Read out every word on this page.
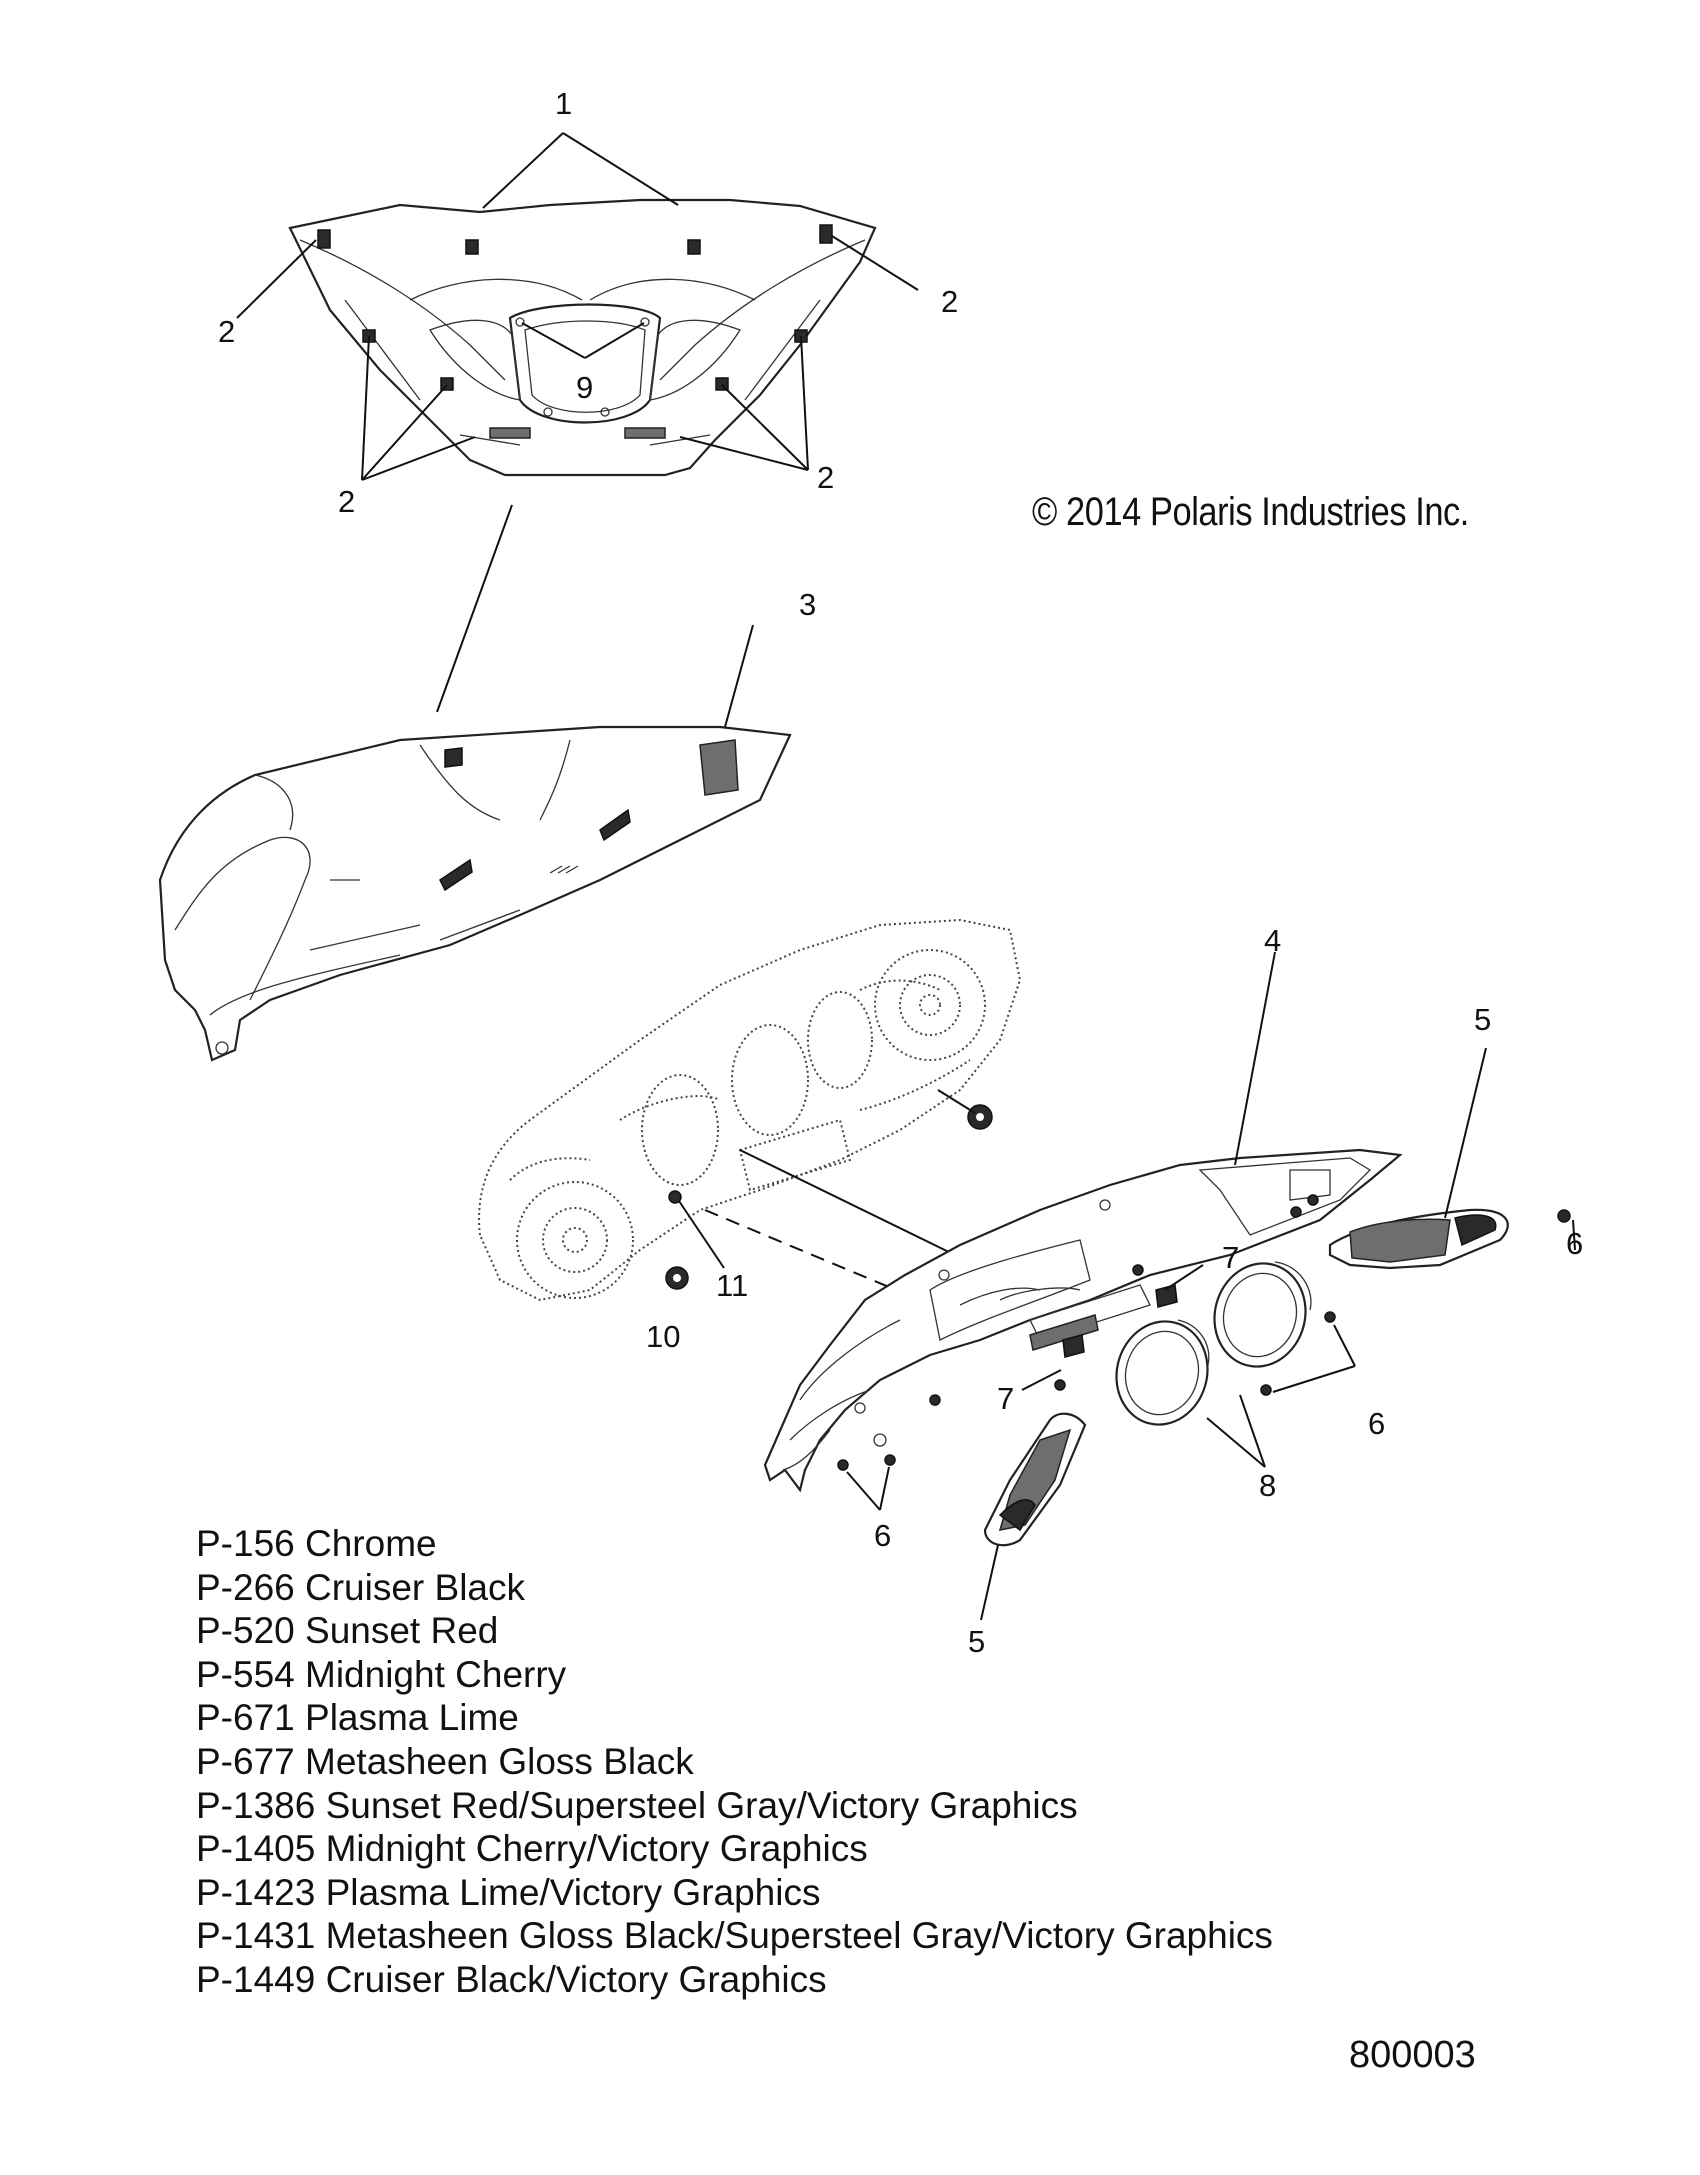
1
2
2
2
2
9
3
4
5
5
6
6
6
7
7
8
10
11
© 2014 Polaris Industries Inc.
P-156 Chrome
P-266 Cruiser Black
P-520 Sunset Red
P-554 Midnight Cherry
P-671 Plasma Lime
P-677 Metasheen Gloss Black
P-1386 Sunset Red/Supersteel Gray/Victory Graphics
P-1405 Midnight Cherry/Victory Graphics
P-1423 Plasma Lime/Victory Graphics
P-1431 Metasheen Gloss Black/Supersteel Gray/Victory Graphics
P-1449 Cruiser Black/Victory Graphics
800003
